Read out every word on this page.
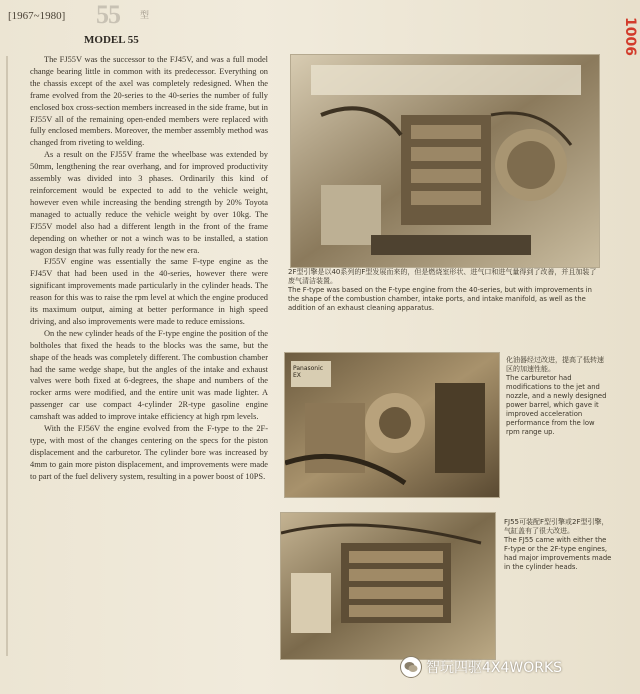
[1967~1980] 55 型
1006
MODEL 55

The FJ55V was the successor to the FJ45V, and was a full model change bearing little in common with its predecessor. Everything on the chassis except of the axel was completely redesigned. When the frame evolved from the 20-series to the 40-series the number of fully enclosed box cross-section members increased in the side frame, but in FJ55V all of the remaining open-ended members were replaced with fully enclosed members. Moreover, the member assembly method was changed from riveting to welding.

As a result on the FJ55V frame the wheelbase was extended by 50mm, lengthening the rear overhang, and for improved productivity assembly was divided into 3 phases. Ordinarily this kind of reinforcement would be expected to add to the vehicle weight, however even while increasing the bending strength by 20% Toyota managed to actually reduce the vehicle weight by over 10kg. The FJ55V model also had a different length in the front of the frame depending on whether or not a winch was to be installed, a station wagon design that was fully ready for the new era.

FJ55V engine was essentially the same F-type engine as the FJ45V that had been used in the 40-series, however there were significant improvements made particularly in the cylinder heads. The reason for this was to raise the rpm level at which the engine produced its maximum output, aiming at better performance in high speed driving, and also improvements were made to reduce emissions.

On the new cylinder heads of the F-type engine the position of the boltholes that fixed the heads to the blocks was the same, but the shape of the heads was completely different. The combustion chamber had the same wedge shape, but the angles of the intake and exhaust valves were both fixed at 6-degrees, the shape and numbers of the rocker arms were modified, and the entire unit was made lighter. A passenger car use compact 4-cylinder 2R-type gasoline engine camshaft was added to improve intake efficiency at high rpm levels.

With the FJ56V the engine evolved from the F-type to the 2F-type, with most of the changes centering on the specs for the piston displacement and the carburetor. The cylinder bore was increased by 4mm to gain more piston displacement, and improvements were made to part of the fuel delivery system, resulting in a power boost of 10PS.

2F型引擎是以40系列的F型发展而来的，但是燃烧室形状、进气口和进气量得到了改善，并且加装了废气清洁装置。
The F-type was based on the F-type engine from the 40-series, but with improvements in the shape of the combustion chamber, intake ports, and intake manifold, as well as the addition of an exhaust cleaning apparatus.
Panasonic EX
化油器经过改进，提高了低转速区的加速性能。
The carburetor had modifications to the jet and nozzle, and a newly designed power barrel, which gave it improved acceleration performance from the low rpm range up.
FJ55可装配F型引擎或2F型引擎，气缸盖有了很大改进。
The FJ55 came with either the F-type or the 2F-type engines, had major improvements made in the cylinder heads.
智玩四驱4X4WORKS
